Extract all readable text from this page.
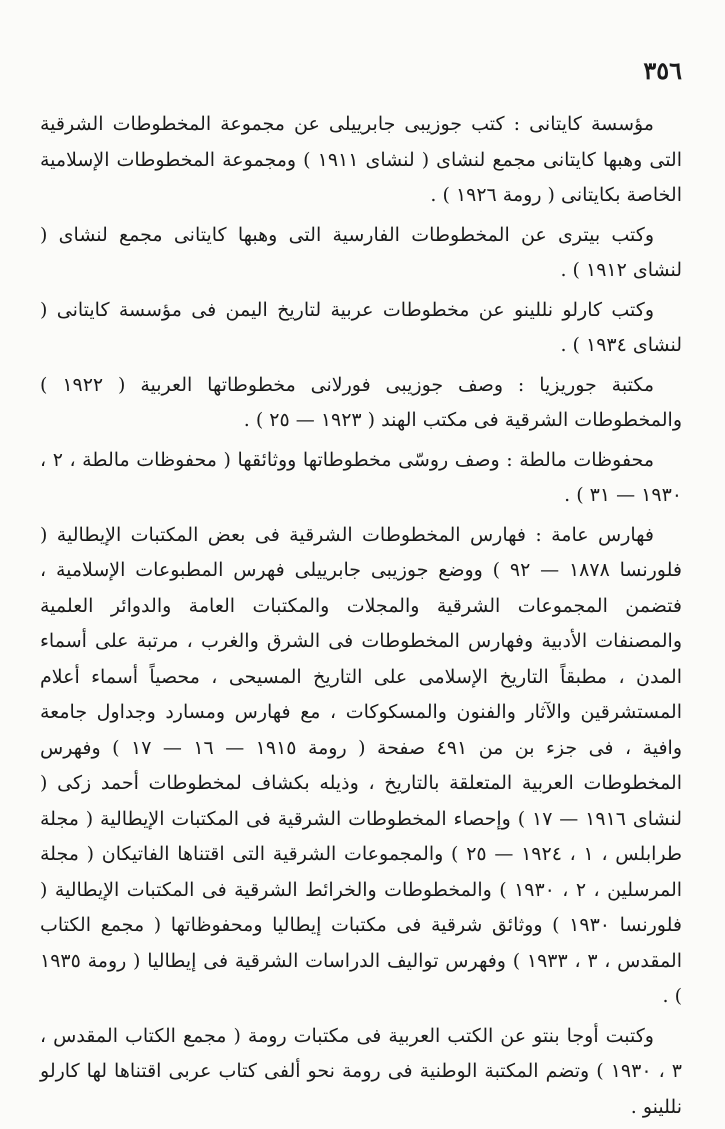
٣٥٦

مؤسسة كايتانى : كتب جوزيبى جابرييلى عن مجموعة المخطوطات الشرقية التى وهبها كايتانى مجمع لنشاى ( لنشاى ١٩١١ ) ومجموعة المخطوطات الإسلامية الخاصة بكايتانى ( رومة ١٩٢٦ ) .

وكتب بيترى عن المخطوطات الفارسية التى وهبها كايتانى مجمع لنشاى ( لنشاى ١٩١٢ ) .

وكتب كارلو نللينو عن مخطوطات عربية لتاريخ اليمن فى مؤسسة كايتانى ( لنشاى ١٩٣٤ ) .

مكتبة جوريزيا : وصف جوزيبى فورلانى مخطوطاتها العربية ( ١٩٢٢ ) والمخطوطات الشرقية فى مكتب الهند ( ١٩٢٣ — ٢٥ ) .

محفوظات مالطة : وصف روسّى مخطوطاتها ووثائقها ( محفوظات مالطة ، ٢ ، ١٩٣٠ — ٣١ ) .

فهارس عامة : فهارس المخطوطات الشرقية فى بعض المكتبات الإيطالية ( فلورنسا ١٨٧٨ — ٩٢ ) ووضع جوزيبى جابرييلى فهرس المطبوعات الإسلامية ، فتضمن المجموعات الشرقية والمجلات والمكتبات العامة والدوائر العلمية والمصنفات الأدبية وفهارس المخطوطات فى الشرق والغرب ، مرتبة على أسماء المدن ، مطبقاً التاريخ الإسلامى على التاريخ المسيحى ، محصياً أسماء أعلام المستشرقين والآثار والفنون والمسكوكات ، مع فهارس ومسارد وجداول جامعة وافية ، فى جزء بن من ٤٩١ صفحة ( رومة ١٩١٥ — ١٦ — ١٧ ) وفهرس المخطوطات العربية المتعلقة بالتاريخ ، وذيله بكشاف لمخطوطات أحمد زكى ( لنشاى ١٩١٦ — ١٧ ) وإحصاء المخطوطات الشرقية فى المكتبات الإيطالية ( مجلة طرابلس ، ١ ، ١٩٢٤ — ٢٥ ) والمجموعات الشرقية التى اقتناها الفاتيكان ( مجلة المرسلين ، ٢ ، ١٩٣٠ ) والمخطوطات والخرائط الشرقية فى المكتبات الإيطالية ( فلورنسا ١٩٣٠ ) ووثائق شرقية فى مكتبات إيطاليا ومحفوظاتها ( مجمع الكتاب المقدس ، ٣ ، ١٩٣٣ ) وفهرس تواليف الدراسات الشرقية فى إيطاليا ( رومة ١٩٣٥ ) .

وكتبت أوجا بنتو عن الكتب العربية فى مكتبات رومة ( مجمع الكتاب المقدس ، ٣ ، ١٩٣٠ ) وتضم المكتبة الوطنية فى رومة نحو ألفى كتاب عربى اقتناها لها كارلو نللينو .
